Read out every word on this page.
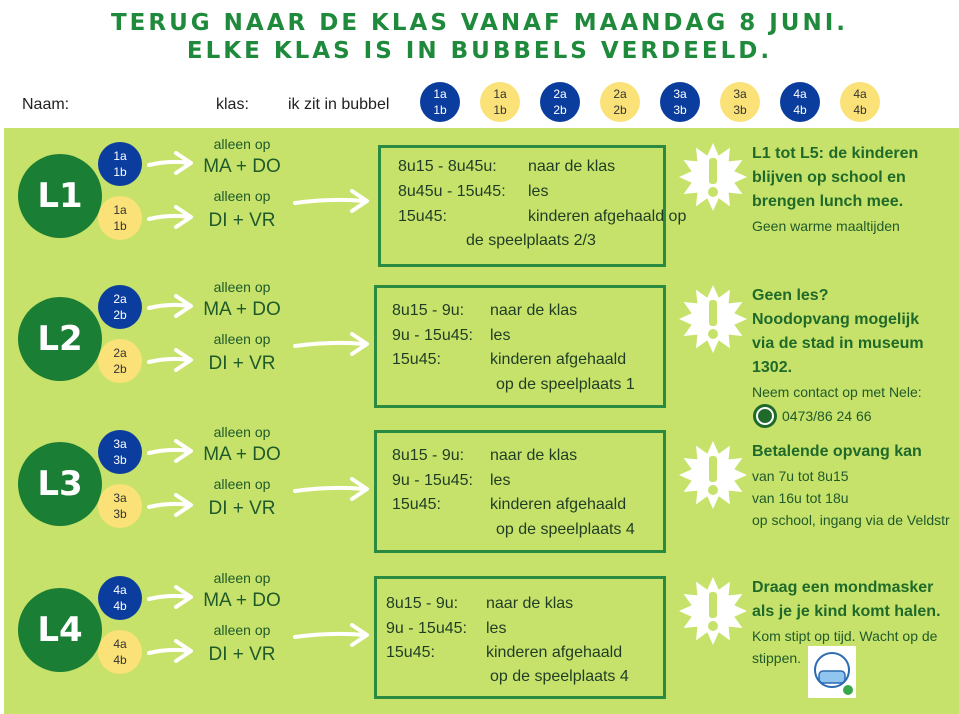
TERUG NAAR DE KLAS VANAF MAANDAG 8 JUNI.
ELKE KLAS IS IN BUBBELS VERDEELD.
Naam:	klas: ik zit in bubbel
1a
1b
1a
1b
2a
2b
2a
2b
3a
3b
3a
3b
4a
4b
4a
4b
L1
1a
1b
1a
1b
alleen op
MA + DO
alleen op
DI + VR
8u15 - 8u45u: naar de klas
8u45u - 15u45: les
15u45:	kinderen afgehaald op
de speelplaats 2/3
L2
2a
2b
2a
2b
alleen op
MA + DO
alleen op
DI + VR
8u15 - 9u: naar de klas
9u - 15u45: les
15u45:	kinderen afgehaald
op de speelplaats 1
L3
3a
3b
3a
3b
alleen op
MA + DO
alleen op
DI + VR
8u15 - 9u: naar de klas
9u - 15u45: les
15u45:	kinderen afgehaald
op de speelplaats 4
L4
4a
4b
4a
4b
alleen op
MA + DO
alleen op
DI + VR
8u15 - 9u: naar de klas
9u - 15u45: les
15u45:	kinderen afgehaald
op de speelplaats 4
L1 tot L5: de kinderen
blijven op school en
brengen lunch mee.
Geen warme maaltijden
Geen les?
Noodopvang mogelijk
via de stad in museum
1302.
Neem contact op met Nele:
0473/86 24 66
Betalende opvang kan
van 7u tot 8u15
van 16u tot 18u
op school, ingang via de Veldstr
Draag een mondmasker
als je je kind komt halen.
Kom stipt op tijd. Wacht op de
stippen.
